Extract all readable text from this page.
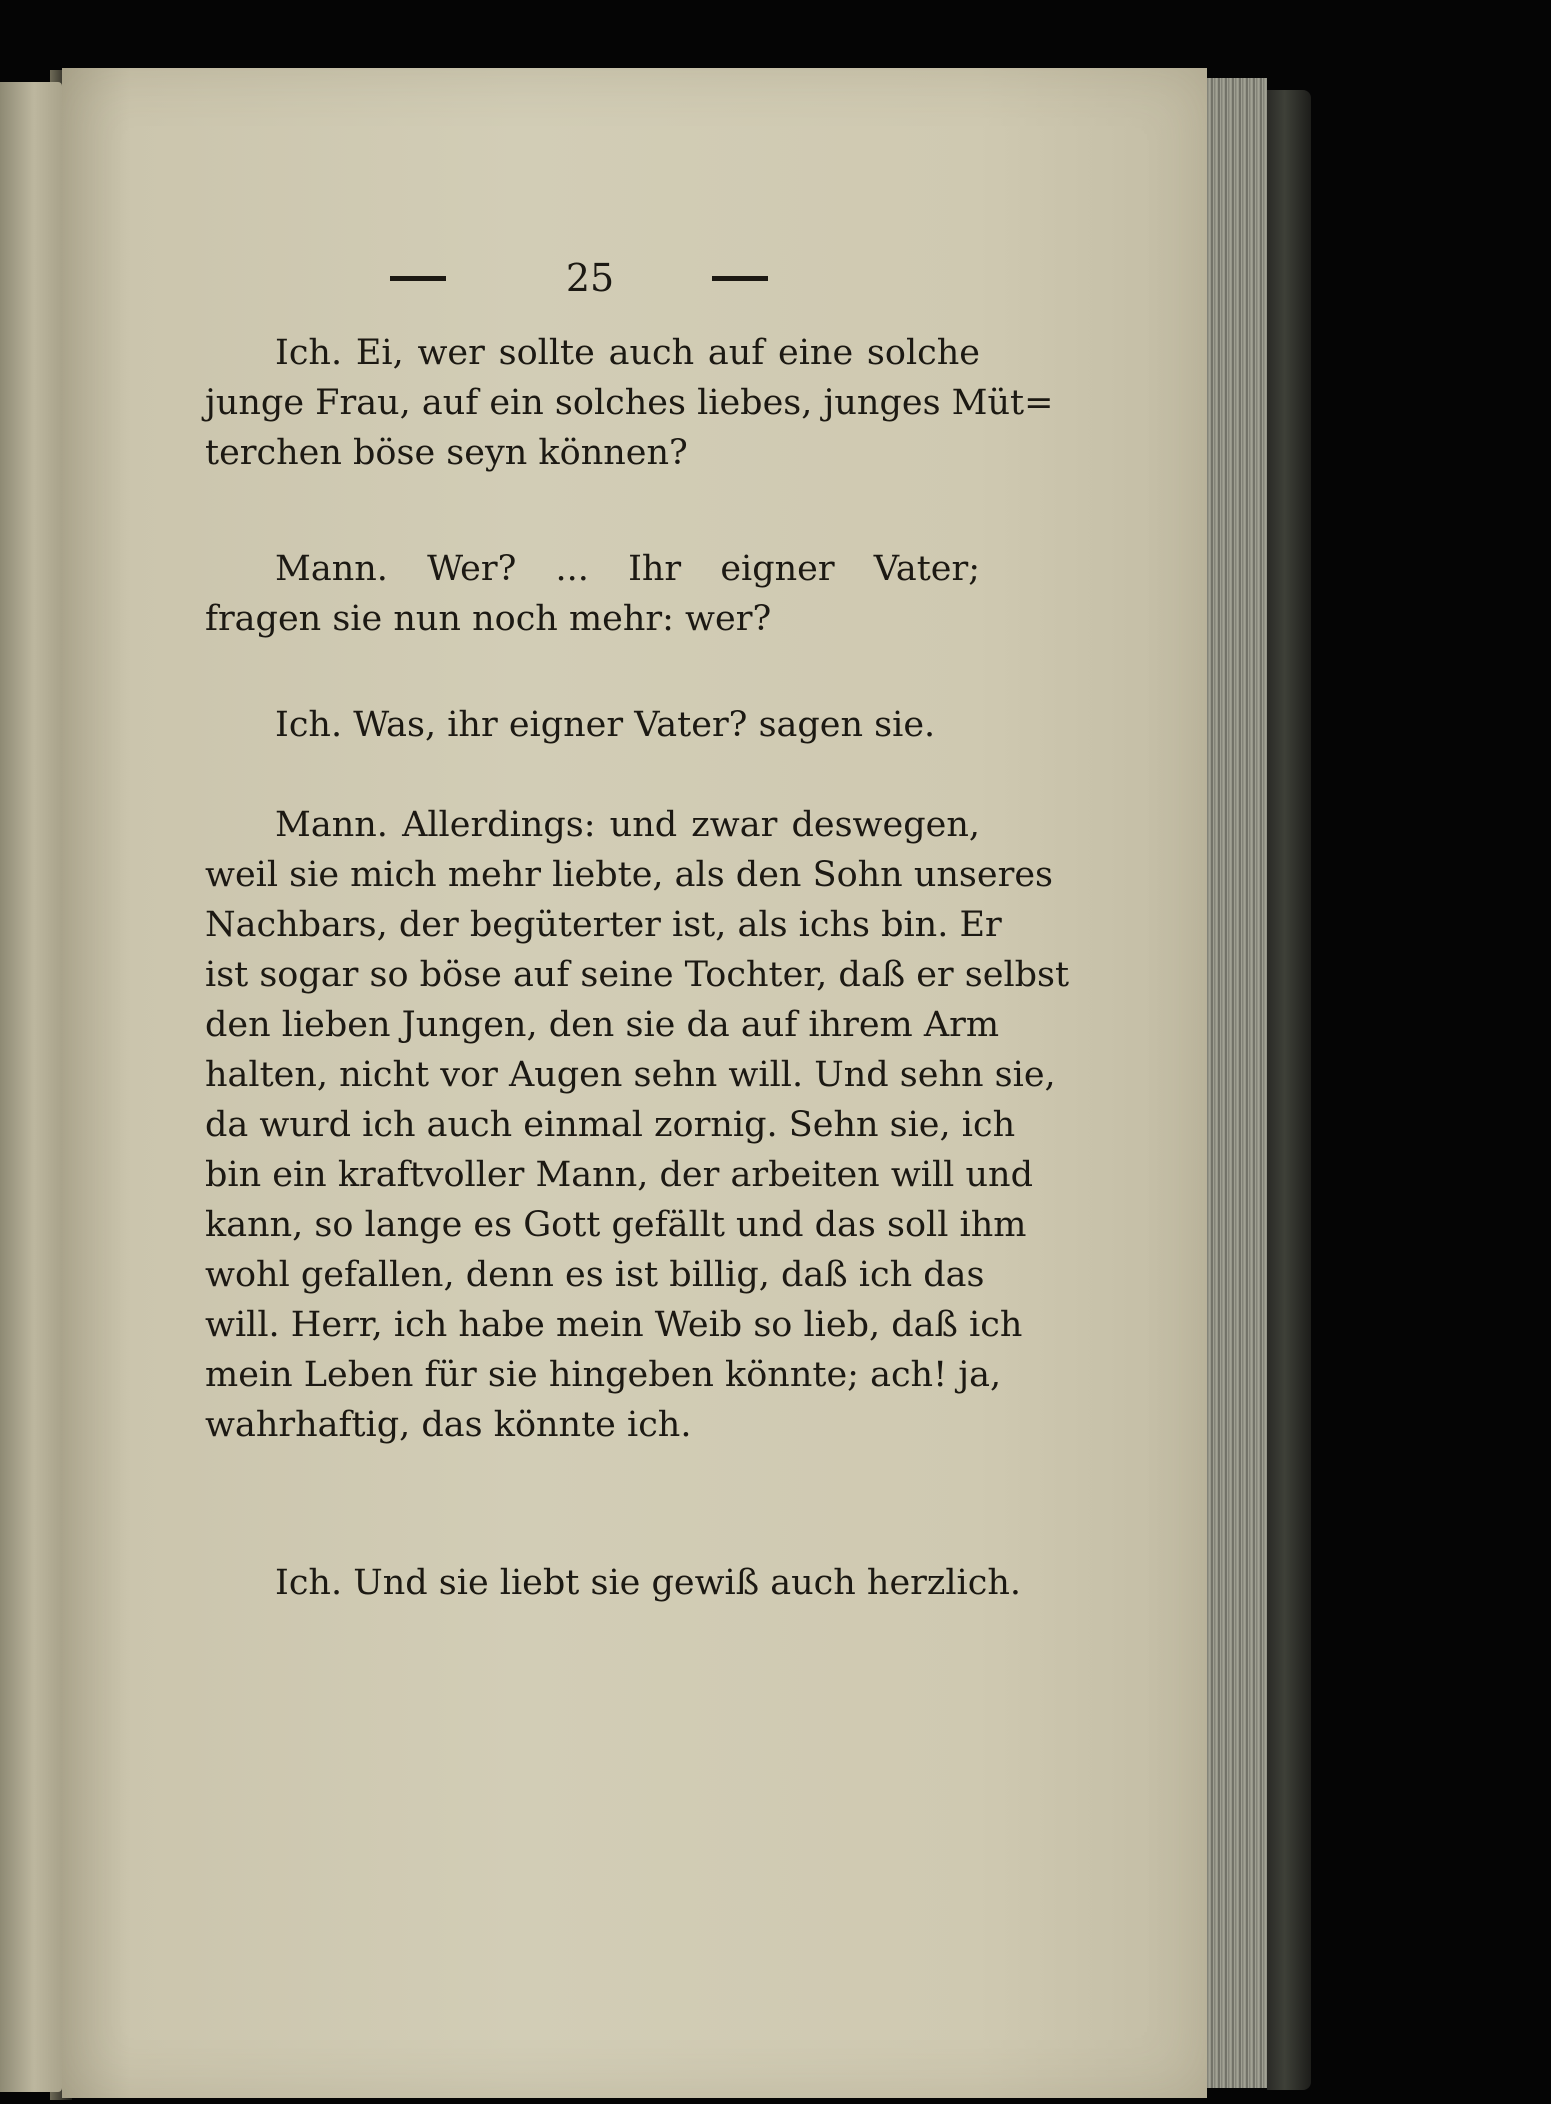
25
Ich. Ei, wer sollte auch auf eine solche
junge Frau, auf ein solches liebes, junges Müt=
terchen böse seyn können?
Mann. Wer? ... Ihr eigner Vater;
fragen sie nun noch mehr: wer?
Ich. Was, ihr eigner Vater? sagen sie.
Mann. Allerdings: und zwar deswegen,
weil sie mich mehr liebte, als den Sohn unseres
Nachbars, der begüterter ist, als ichs bin. Er
ist sogar so böse auf seine Tochter, daß er selbst
den lieben Jungen, den sie da auf ihrem Arm
halten, nicht vor Augen sehn will. Und sehn sie,
da wurd ich auch einmal zornig. Sehn sie, ich
bin ein kraftvoller Mann, der arbeiten will und
kann, so lange es Gott gefällt und das soll ihm
wohl gefallen, denn es ist billig, daß ich das
will. Herr, ich habe mein Weib so lieb, daß ich
mein Leben für sie hingeben könnte; ach! ja,
wahrhaftig, das könnte ich.
Ich. Und sie liebt sie gewiß auch herzlich.
